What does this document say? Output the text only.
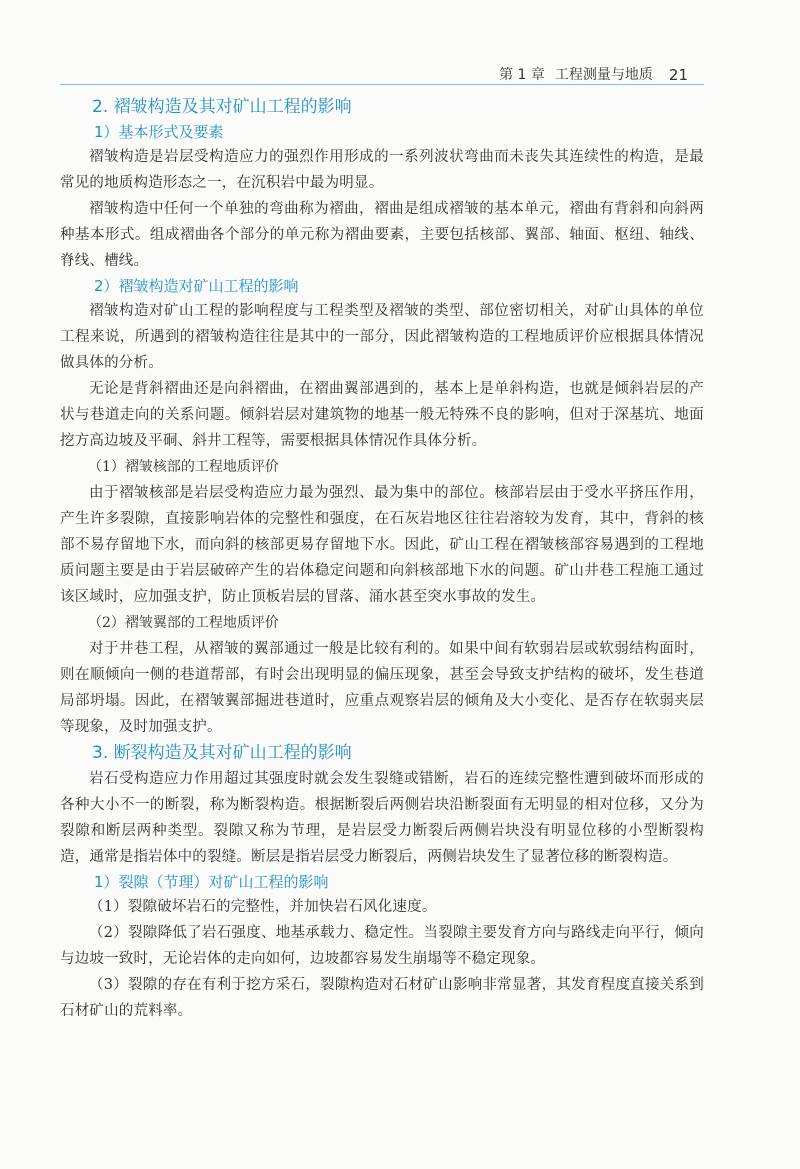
第 1 章 工程测量与地质 21
2. 褶皱构造及其对矿山工程的影响
1）基本形式及要素

褶皱构造是岩层受构造应力的强烈作用形成的一系列波状弯曲而未丧失其连续性的构造，是最常见的地质构造形态之一，在沉积岩中最为明显。

褶皱构造中任何一个单独的弯曲称为褶曲，褶曲是组成褶皱的基本单元，褶曲有背斜和向斜两种基本形式。组成褶曲各个部分的单元称为褶曲要素，主要包括核部、翼部、轴面、枢纽、轴线、脊线、槽线。

2）褶皱构造对矿山工程的影响

褶皱构造对矿山工程的影响程度与工程类型及褶皱的类型、部位密切相关，对矿山具体的单位工程来说，所遇到的褶皱构造往往是其中的一部分，因此褶皱构造的工程地质评价应根据具体情况做具体的分析。

无论是背斜褶曲还是向斜褶曲，在褶曲翼部遇到的，基本上是单斜构造，也就是倾斜岩层的产状与巷道走向的关系问题。倾斜岩层对建筑物的地基一般无特殊不良的影响，但对于深基坑、地面挖方高边坡及平硐、斜井工程等，需要根据具体情况作具体分析。

（1）褶皱核部的工程地质评价

由于褶皱核部是岩层受构造应力最为强烈、最为集中的部位。核部岩层由于受水平挤压作用，产生许多裂隙，直接影响岩体的完整性和强度，在石灰岩地区往往岩溶较为发育，其中，背斜的核部不易存留地下水，而向斜的核部更易存留地下水。因此，矿山工程在褶皱核部容易遇到的工程地质问题主要是由于岩层破碎产生的岩体稳定问题和向斜核部地下水的问题。矿山井巷工程施工通过该区域时，应加强支护，防止顶板岩层的冒落、涌水甚至突水事故的发生。

（2）褶皱翼部的工程地质评价

对于井巷工程，从褶皱的翼部通过一般是比较有利的。如果中间有软弱岩层或软弱结构面时，则在顺倾向一侧的巷道帮部，有时会出现明显的偏压现象，甚至会导致支护结构的破坏，发生巷道局部坍塌。因此，在褶皱翼部掘进巷道时，应重点观察岩层的倾角及大小变化、是否存在软弱夹层等现象，及时加强支护。

3. 断裂构造及其对矿山工程的影响

岩石受构造应力作用超过其强度时就会发生裂缝或错断，岩石的连续完整性遭到破坏而形成的各种大小不一的断裂，称为断裂构造。根据断裂后两侧岩块沿断裂面有无明显的相对位移，又分为裂隙和断层两种类型。裂隙又称为节理，是岩层受力断裂后两侧岩块没有明显位移的小型断裂构造，通常是指岩体中的裂缝。断层是指岩层受力断裂后，两侧岩块发生了显著位移的断裂构造。

1）裂隙（节理）对矿山工程的影响

（1）裂隙破坏岩石的完整性，并加快岩石风化速度。

（2）裂隙降低了岩石强度、地基承载力、稳定性。当裂隙主要发育方向与路线走向平行，倾向与边坡一致时，无论岩体的走向如何，边坡都容易发生崩塌等不稳定现象。

（3）裂隙的存在有利于挖方采石，裂隙构造对石材矿山影响非常显著，其发育程度直接关系到石材矿山的荒料率。
